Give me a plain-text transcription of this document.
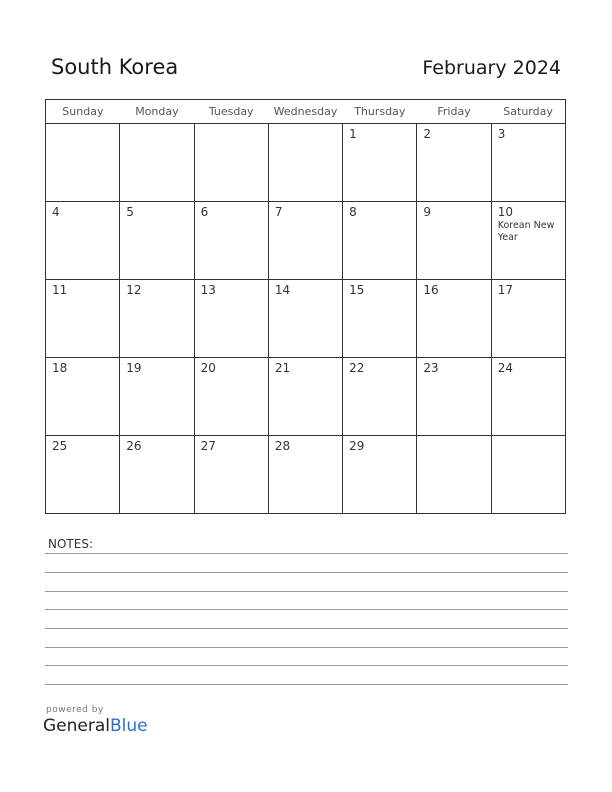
South Korea	February 2024
Sunday	Monday	Tuesday	Wednesday	Thursday	Friday	Saturday

				1	2	3

4	5	6	7	8	9	10
Korean New Year

11	12	13	14	15	16	17

18	19	20	21	22	23	24

25	26	27	28	29		

NOTES:
powered by
GeneralBlue
